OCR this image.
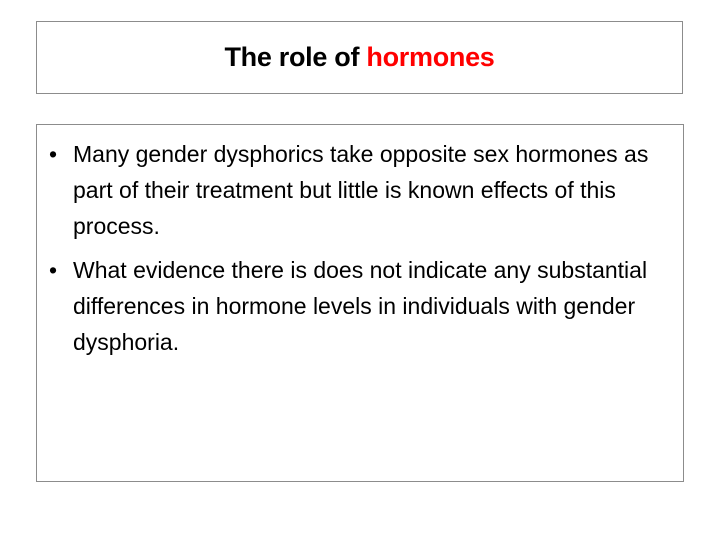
The role of hormones
• Many gender dysphorics take opposite sex hormones as part of their treatment but little is known effects of this process.
• What evidence there is does not indicate any substantial differences in hormone levels in individuals with gender dysphoria.
